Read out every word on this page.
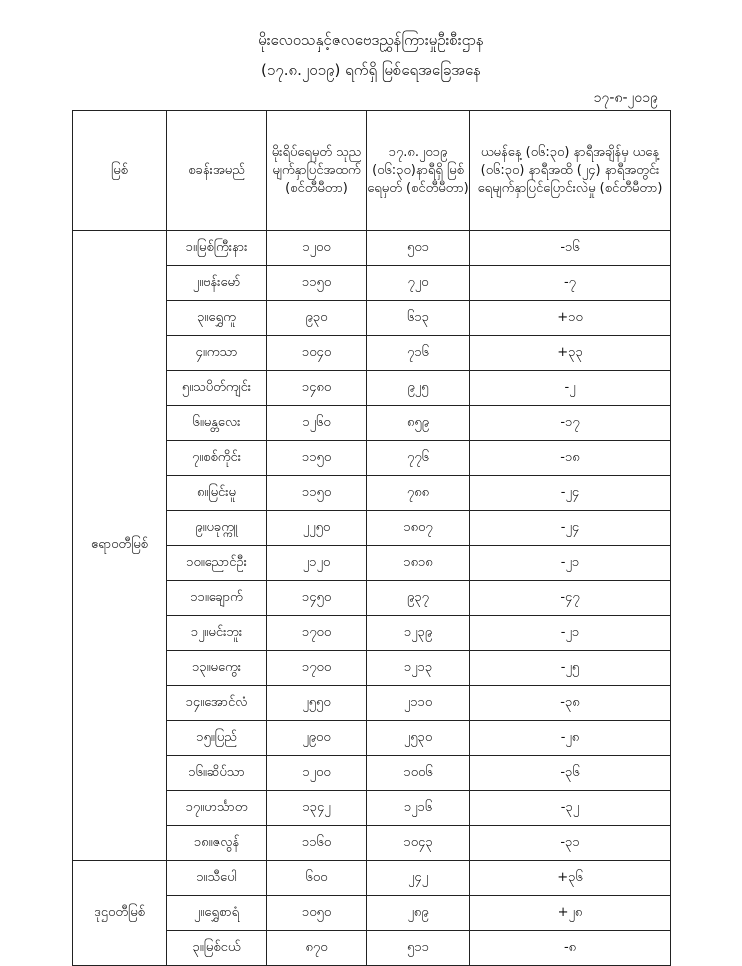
မိုးလေဝသနှင့်ဇလဗေဒညွှန်ကြားမှုဦးစီးဌာန
(၁၇.၈.၂၀၁၉) ရက်ရှိ မြစ်ရေအခြေအနေ
၁၇-၈-၂၀၁၉
မြစ်	စခန်းအမည်	မိုးရိပ်ရေမှတ် သုညမျက်နှာပြင်အထက် (စင်တီမီတာ)	၁၇.၈.၂၀၁၉ (၀၆:၃၀)နာရီရှိ မြစ်ရေမှတ် (စင်တီမီတာ)	ယမန်နေ့ (၀၆:၃၀) နာရီအချိန်မှ ယနေ့ (၀၆:၃၀) နာရီအထိ (၂၄) နာရီအတွင်း ရေမျက်နှာပြင်ပြောင်းလဲမှု (စင်တီမီတာ)
ဧရာဝတီမြစ်	၁။မြစ်ကြီးနား	၁၂၀၀	၅၀၁	-၁၆
	၂။ဗန်းမော်	၁၁၅၀	၇၂၀	-၇
	၃။ရွှေကူ	၉၃၀	၆၁၃	+၁၀
	၄။ကသာ	၁၀၄၀	၇၁၆	+၃၃
	၅။သပိတ်ကျင်း	၁၄၈၀	၉၂၅	-၂
	၆။မန္တလေး	၁၂၆၀	၈၅၉	-၁၇
	၇။စစ်ကိုင်း	၁၁၅၀	၇၇၆	-၁၈
	၈။မြင်းမူ	၁၁၅၀	၇၈၈	-၂၄
	၉။ပခုက္ကူ	၂၂၅၀	၁၈၀၇	-၂၄
	၁၀။ညောင်ဦး	၂၁၂၀	၁၈၁၈	-၂၁
	၁၁။ချောက်	၁၄၅၀	၉၃၇	-၄၇
	၁၂။မင်းဘူး	၁၇၀၀	၁၂၃၉	-၂၁
	၁၃။မကွေး	၁၇၀၀	၁၂၁၃	-၂၅
	၁၄။အောင်လံ	၂၅၅၀	၂၁၁၀	-၃၈
	၁၅။ပြည်	၂၉၀၀	၂၅၃၀	-၂၈
	၁၆။ဆိပ်သာ	၁၂၀၀	၁၀၀၆	-၃၆
	၁၇။ဟင်္သာတ	၁၃၄၂	၁၂၁၆	-၃၂
	၁၈။ဇလွန်	၁၁၆၀	၁၀၄၃	-၃၁
ဒုဌဝတီမြစ်	၁။သီပေါ	၆၀၀	၂၄၂	+၃၆
	၂။ရွှေစာရံ	၁၀၅၀	၂၈၉	+၂၈
	၃။မြစ်ငယ်	၈၇၀	၅၁၁	-၈
